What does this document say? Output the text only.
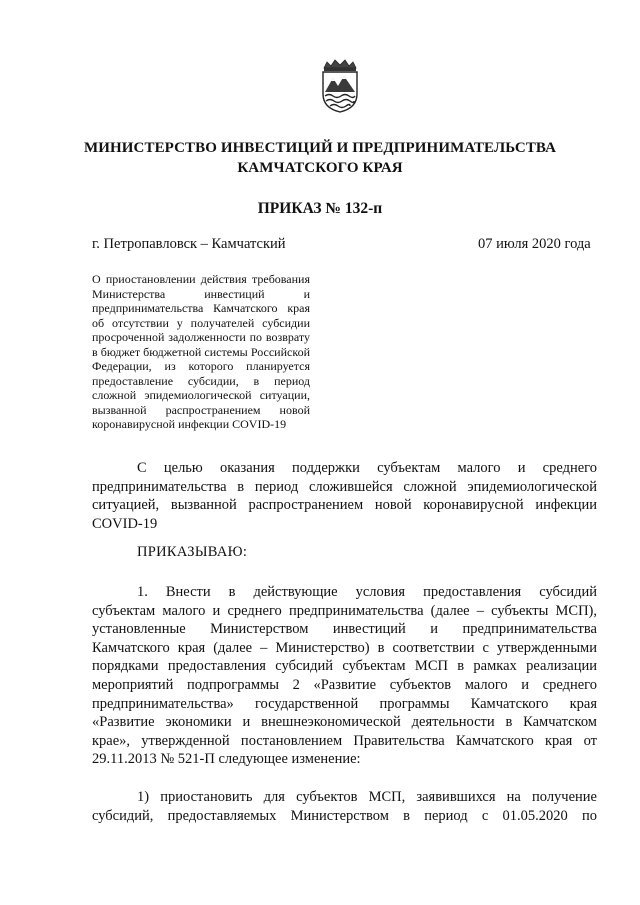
МИНИСТЕРСТВО ИНВЕСТИЦИЙ И ПРЕДПРИНИМАТЕЛЬСТВА
КАМЧАТСКОГО КРАЯ
ПРИКАЗ № 132-п
г. Петропавловск – Камчатский	07 июля 2020 года
О приостановлении действия требования
Министерства инвестиций и
предпринимательства Камчатского края
об отсутствии у получателей субсидии
просроченной задолженности по возврату
в бюджет бюджетной системы Российской
Федерации, из которого планируется
предоставление субсидии, в период
сложной эпидемиологической ситуации,
вызванной распространением новой
коронавирусной инфекции COVID-19
С целью оказания поддержки субъектам малого и среднего
предпринимательства в период сложившейся сложной эпидемиологической
ситуацией, вызванной распространением новой коронавирусной инфекции
COVID-19
ПРИКАЗЫВАЮ:
1. Внести в действующие условия предоставления субсидий
субъектам малого и среднего предпринимательства (далее – субъекты МСП),
установленные Министерством инвестиций и предпринимательства
Камчатского края (далее – Министерство) в соответствии с утвержденными
порядками предоставления субсидий субъектам МСП в рамках реализации
мероприятий подпрограммы 2 «Развитие субъектов малого и среднего
предпринимательства» государственной программы Камчатского края
«Развитие экономики и внешнеэкономической деятельности в Камчатском
крае», утвержденной постановлением Правительства Камчатского края от
29.11.2013 № 521-П следующее изменение:
1) приостановить для субъектов МСП, заявившихся на получение
субсидий, предоставляемых Министерством в период с 01.05.2020 по
